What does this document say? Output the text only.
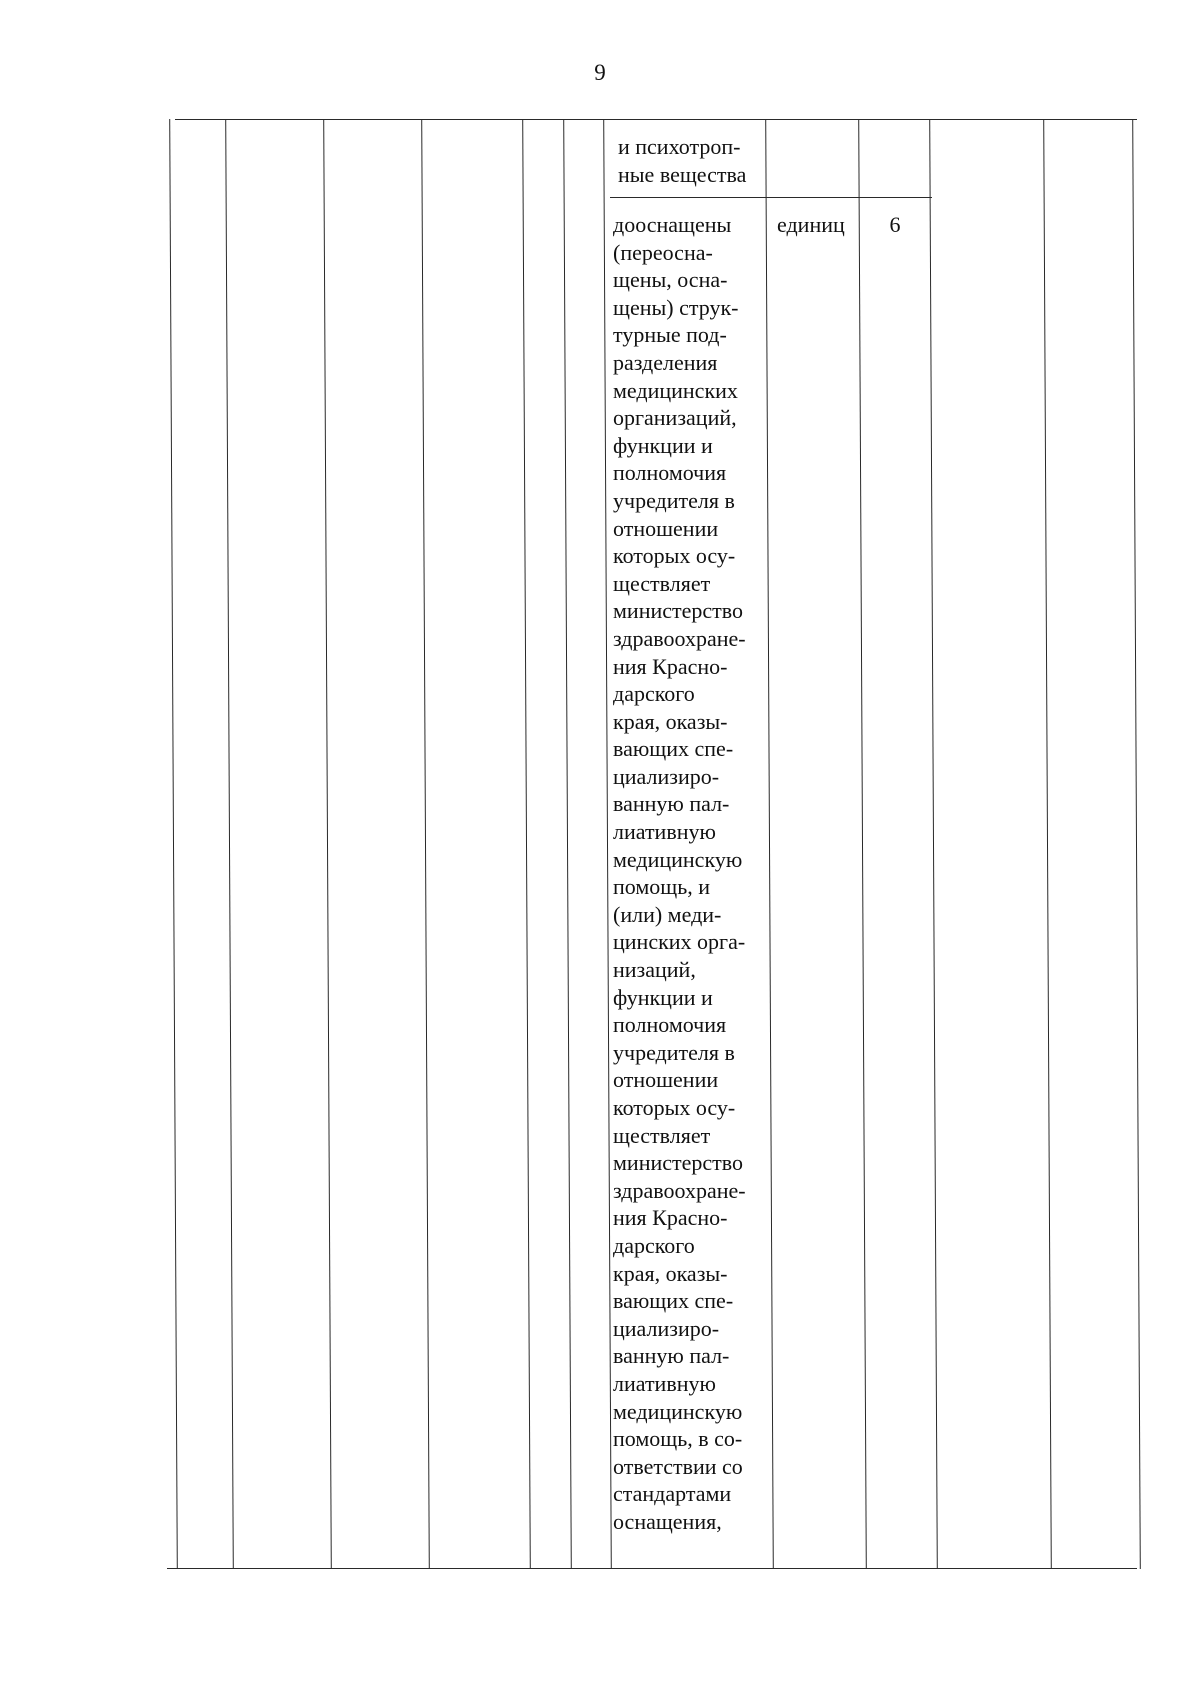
9
и психотроп-
ные вещества
дооснащены
(переосна-
щены, осна-
щены) струк-
турные под-
разделения
медицинских
организаций,
функции и
полномочия
учредителя в
отношении
которых осу-
ществляет
министерство
здравоохране-
ния Красно-
дарского
края, оказы-
вающих спе-
циализиро-
ванную пал-
лиативную
медицинскую
помощь, и
(или) меди-
цинских орга-
низаций,
функции и
полномочия
учредителя в
отношении
которых осу-
ществляет
министерство
здравоохране-
ния Красно-
дарского
края, оказы-
вающих спе-
циализиро-
ванную пал-
лиативную
медицинскую
помощь, в со-
ответствии со
стандартами
оснащения,
единиц	6
